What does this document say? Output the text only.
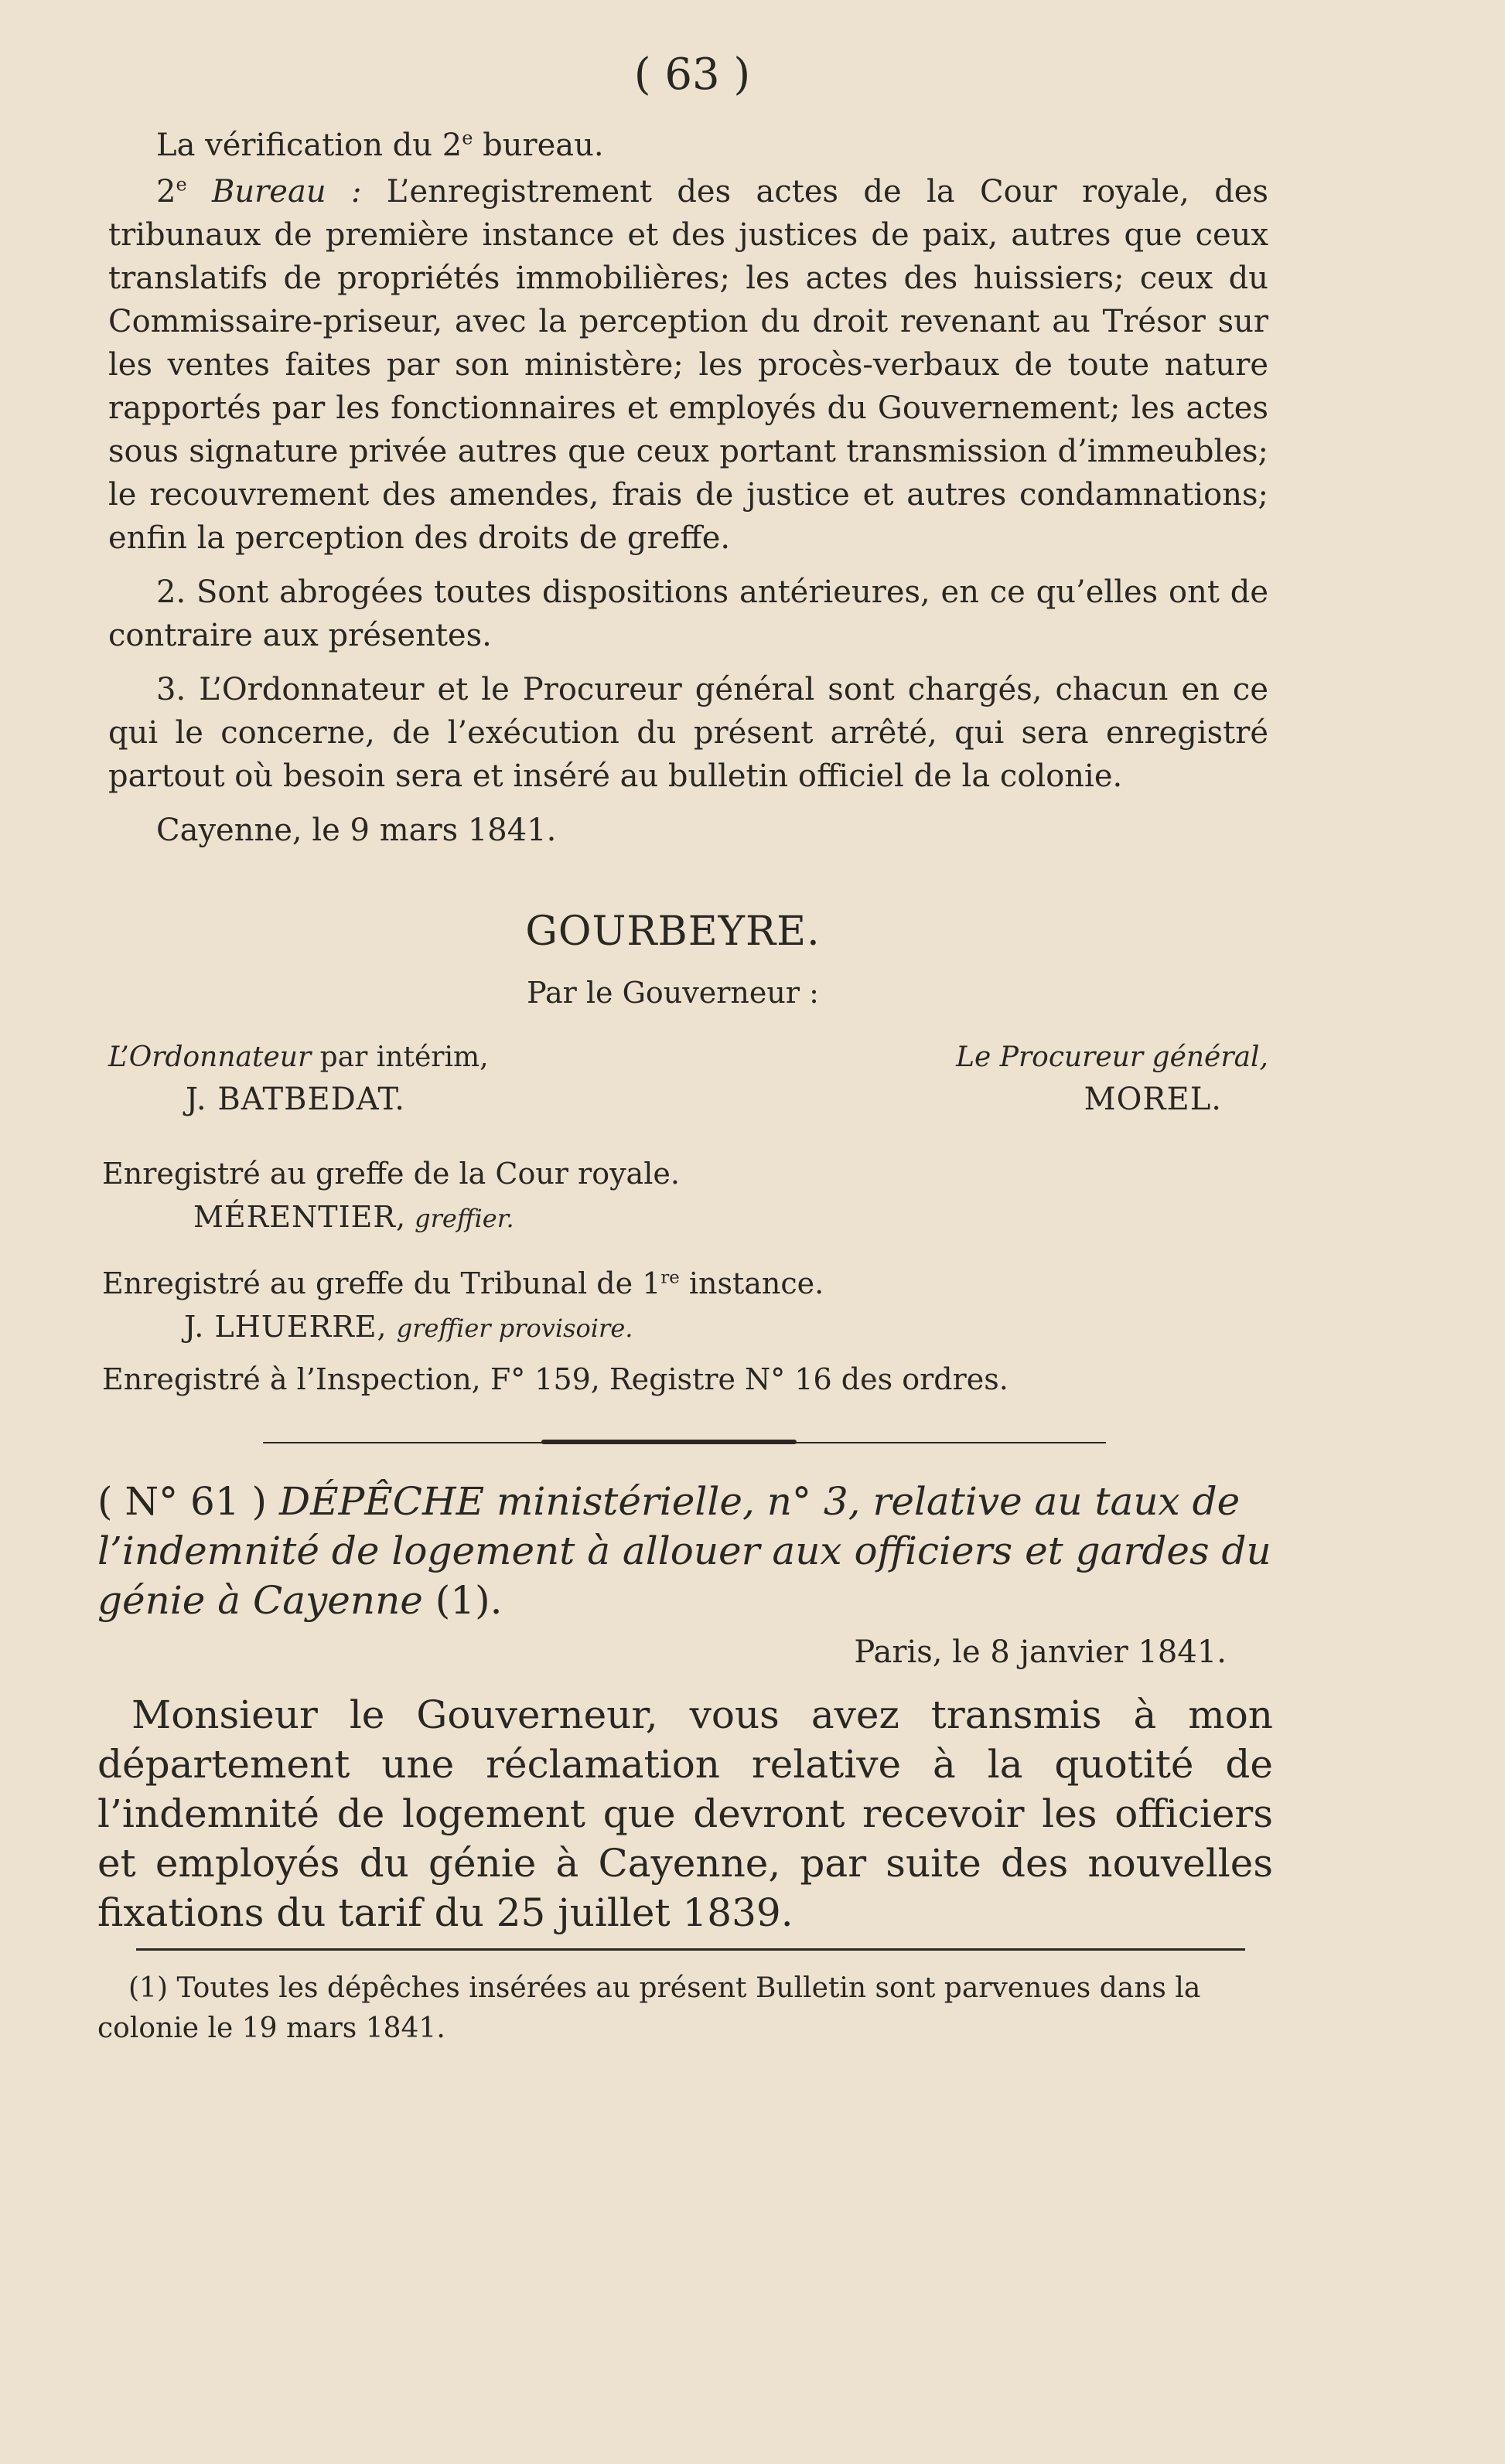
( 63 )

La vérification du 2e bureau.

2e Bureau : L’enregistrement des actes de la Cour royale, des tribunaux de première instance et des justices de paix, autres que ceux translatifs de propriétés immobilières; les actes des huissiers; ceux du Commissaire-priseur, avec la perception du droit revenant au Trésor sur les ventes faites par son ministère; les procès-verbaux de toute nature rapportés par les fonctionnaires et employés du Gouvernement; les actes sous signature privée autres que ceux portant transmission d’immeubles; le recouvrement des amendes, frais de justice et autres condamnations; enfin la perception des droits de greffe.

2. Sont abrogées toutes dispositions antérieures, en ce qu’elles ont de contraire aux présentes.

3. L’Ordonnateur et le Procureur général sont chargés, chacun en ce qui le concerne, de l’exécution du présent arrêté, qui sera enregistré partout où besoin sera et inséré au bulletin officiel de la colonie.

Cayenne, le 9 mars 1841.

GOURBEYRE.

Par le Gouverneur :

L’Ordonnateur par intérim,
J. BATBEDAT.
Le Procureur général,
MOREL.

Enregistré au greffe de la Cour royale.

MÉRENTIER, greffier.

Enregistré au greffe du Tribunal de 1re instance.

J. LHUERRE, greffier provisoire.

Enregistré à l’Inspection, F° 159, Registre N° 16 des ordres.

( N° 61 ) DÉPÊCHE ministérielle, n° 3, relative au taux de l’indemnité de logement à allouer aux officiers et gardes du génie à Cayenne (1).

Paris, le 8 janvier 1841.

Monsieur le Gouverneur, vous avez transmis à mon département une réclamation relative à la quotité de l’indemnité de logement que devront recevoir les officiers et employés du génie à Cayenne, par suite des nouvelles fixations du tarif du 25 juillet 1839.

(1) Toutes les dépêches insérées au présent Bulletin sont parvenues dans la colonie le 19 mars 1841.
